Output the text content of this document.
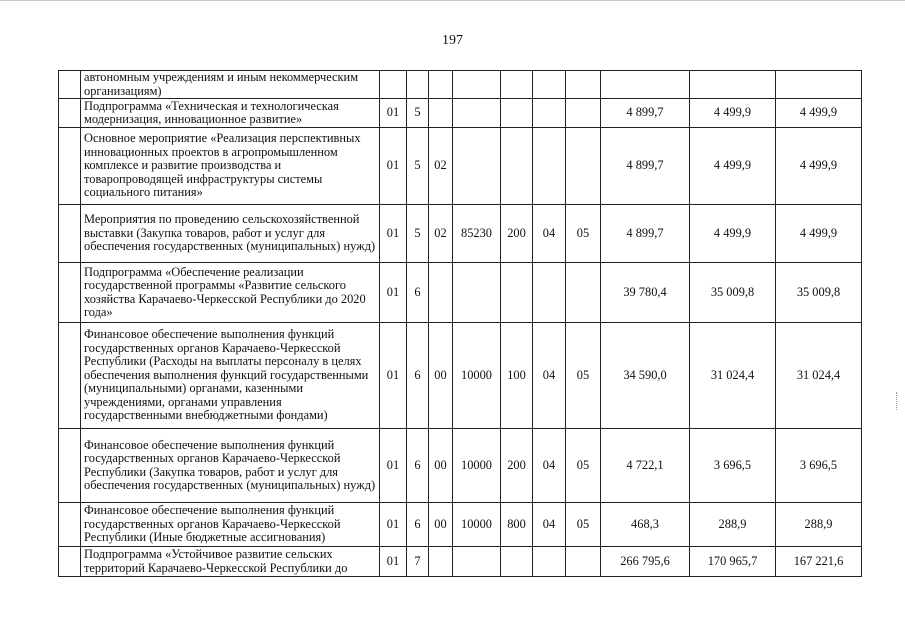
197
	автономным учреждениям и иным некоммерческим организациям)										
	Подпрограмма «Техническая и технологическая модернизация, инновационное развитие»	01	5						4 899,7	4 499,9	4 499,9
	Основное мероприятие «Реализация перспективных инновационных проектов в агропромышленном комплексе и развитие производства и товаропроводящей инфраструктуры системы социального питания»	01	5	02					4 899,7	4 499,9	4 499,9
	Мероприятия по проведению сельскохозяйственной выставки (Закупка товаров, работ и услуг для обеспечения государственных (муниципальных) нужд)	01	5	02	85230	200	04	05	4 899,7	4 499,9	4 499,9
	Подпрограмма «Обеспечение реализации государственной программы «Развитие сельского хозяйства Карачаево-Черкесской Республики до 2020 года»	01	6						39 780,4	35 009,8	35 009,8
	Финансовое обеспечение выполнения функций государственных органов Карачаево-Черкесской Республики (Расходы на выплаты персоналу в целях обеспечения выполнения функций государственными (муниципальными) органами, казенными учреждениями, органами управления государственными внебюджетными фондами)	01	6	00	10000	100	04	05	34 590,0	31 024,4	31 024,4
	Финансовое обеспечение выполнения функций государственных органов Карачаево-Черкесской Республики (Закупка товаров, работ и услуг для обеспечения государственных (муниципальных) нужд)	01	6	00	10000	200	04	05	4 722,1	3 696,5	3 696,5
	Финансовое обеспечение выполнения функций государственных органов Карачаево-Черкесской Республики (Иные бюджетные ассигнования)	01	6	00	10000	800	04	05	468,3	288,9	288,9
	Подпрограмма «Устойчивое развитие сельских территорий Карачаево-Черкесской Республики до	01	7						266 795,6	170 965,7	167 221,6
